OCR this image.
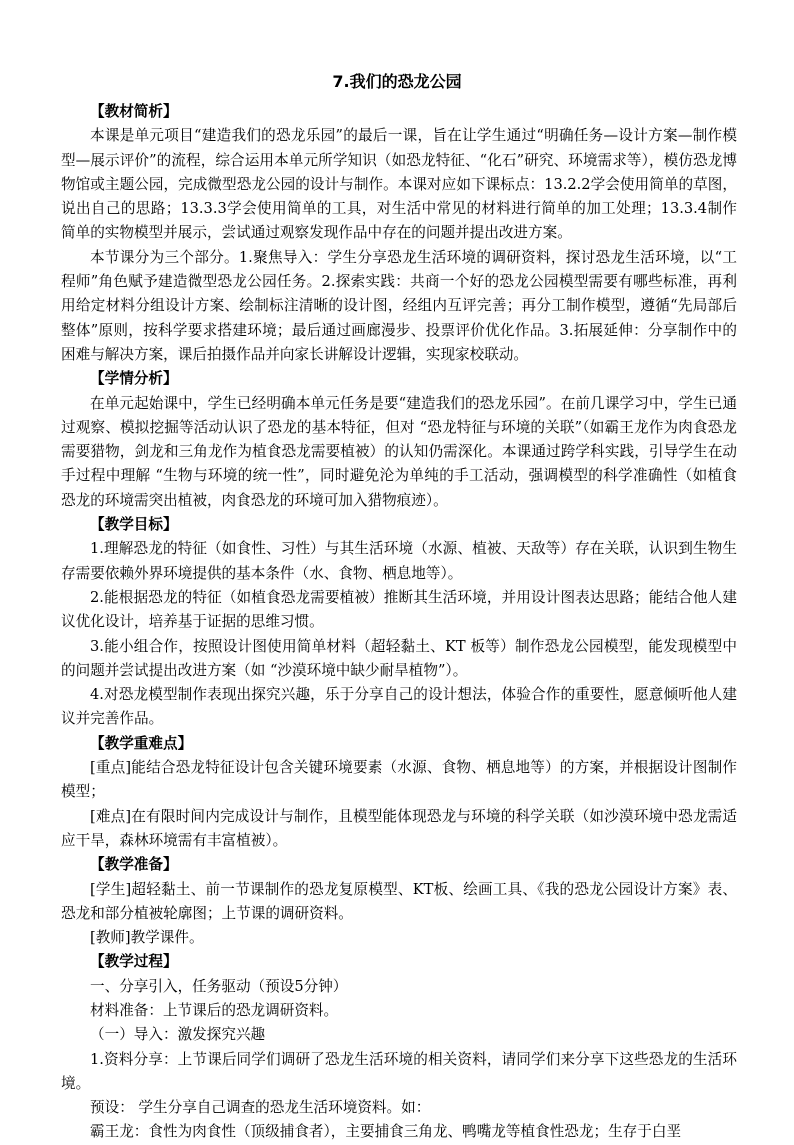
7.我们的恐龙公园

【教材简析】

本课是单元项目“建造我们的恐龙乐园”的最后一课，旨在让学生通过“明确任务—设计方案—制作模型—展示评价”的流程，综合运用本单元所学知识（如恐龙特征、“化石”研究、环境需求等），模仿恐龙博物馆或主题公园，完成微型恐龙公园的设计与制作。本课对应如下课标点：13.2.2学会使用简单的草图，说出自己的思路；13.3.3学会使用简单的工具，对生活中常见的材料进行简单的加工处理；13.3.4制作简单的实物模型并展示，尝试通过观察发现作品中存在的问题并提出改进方案。

本节课分为三个部分。1.聚焦导入：学生分享恐龙生活环境的调研资料，探讨恐龙生活环境，以“工程师”角色赋予建造微型恐龙公园任务。2.探索实践：共商一个好的恐龙公园模型需要有哪些标准，再利用给定材料分组设计方案、绘制标注清晰的设计图，经组内互评完善；再分工制作模型，遵循“先局部后整体”原则，按科学要求搭建环境；最后通过画廊漫步、投票评价优化作品。3.拓展延伸：分享制作中的困难与解决方案，课后拍摄作品并向家长讲解设计逻辑，实现家校联动。

【学情分析】

在单元起始课中，学生已经明确本单元任务是要“建造我们的恐龙乐园”。在前几课学习中，学生已通过观察、模拟挖掘等活动认识了恐龙的基本特征，但对 “恐龙特征与环境的关联”（如霸王龙作为肉食恐龙需要猎物，剑龙和三角龙作为植食恐龙需要植被）的认知仍需深化。本课通过跨学科实践，引导学生在动手过程中理解 “生物与环境的统一性”，同时避免沦为单纯的手工活动，强调模型的科学准确性（如植食恐龙的环境需突出植被，肉食恐龙的环境可加入猎物痕迹）。

【教学目标】

1.理解恐龙的特征（如食性、习性）与其生活环境（水源、植被、天敌等）存在关联，认识到生物生存需要依赖外界环境提供的基本条件（水、食物、栖息地等）。

2.能根据恐龙的特征（如植食恐龙需要植被）推断其生活环境，并用设计图表达思路；能结合他人建议优化设计，培养基于证据的思维习惯。

3.能小组合作，按照设计图使用简单材料（超轻黏土、KT 板等）制作恐龙公园模型，能发现模型中的问题并尝试提出改进方案（如 “沙漠环境中缺少耐旱植物”）。

4.对恐龙模型制作表现出探究兴趣，乐于分享自己的设计想法，体验合作的重要性，愿意倾听他人建议并完善作品。

【教学重难点】

[重点]能结合恐龙特征设计包含关键环境要素（水源、食物、栖息地等）的方案，并根据设计图制作模型；

[难点]在有限时间内完成设计与制作，且模型能体现恐龙与环境的科学关联（如沙漠环境中恐龙需适应干旱，森林环境需有丰富植被）。

【教学准备】

[学生]超轻黏土、前一节课制作的恐龙复原模型、KT板、绘画工具、《我的恐龙公园设计方案》表、恐龙和部分植被轮廓图；上节课的调研资料。

[教师]教学课件。

【教学过程】

一、分享引入，任务驱动（预设5分钟）

材料准备：上节课后的恐龙调研资料。

（一）导入：激发探究兴趣

1.资料分享：上节课后同学们调研了恐龙生活环境的相关资料，请同学们来分享下这些恐龙的生活环境。

预设： 学生分享自己调查的恐龙生活环境资料。如：

霸王龙：食性为肉食性（顶级捕食者），主要捕食三角龙、鸭嘴龙等植食性恐龙；生存于白垩
